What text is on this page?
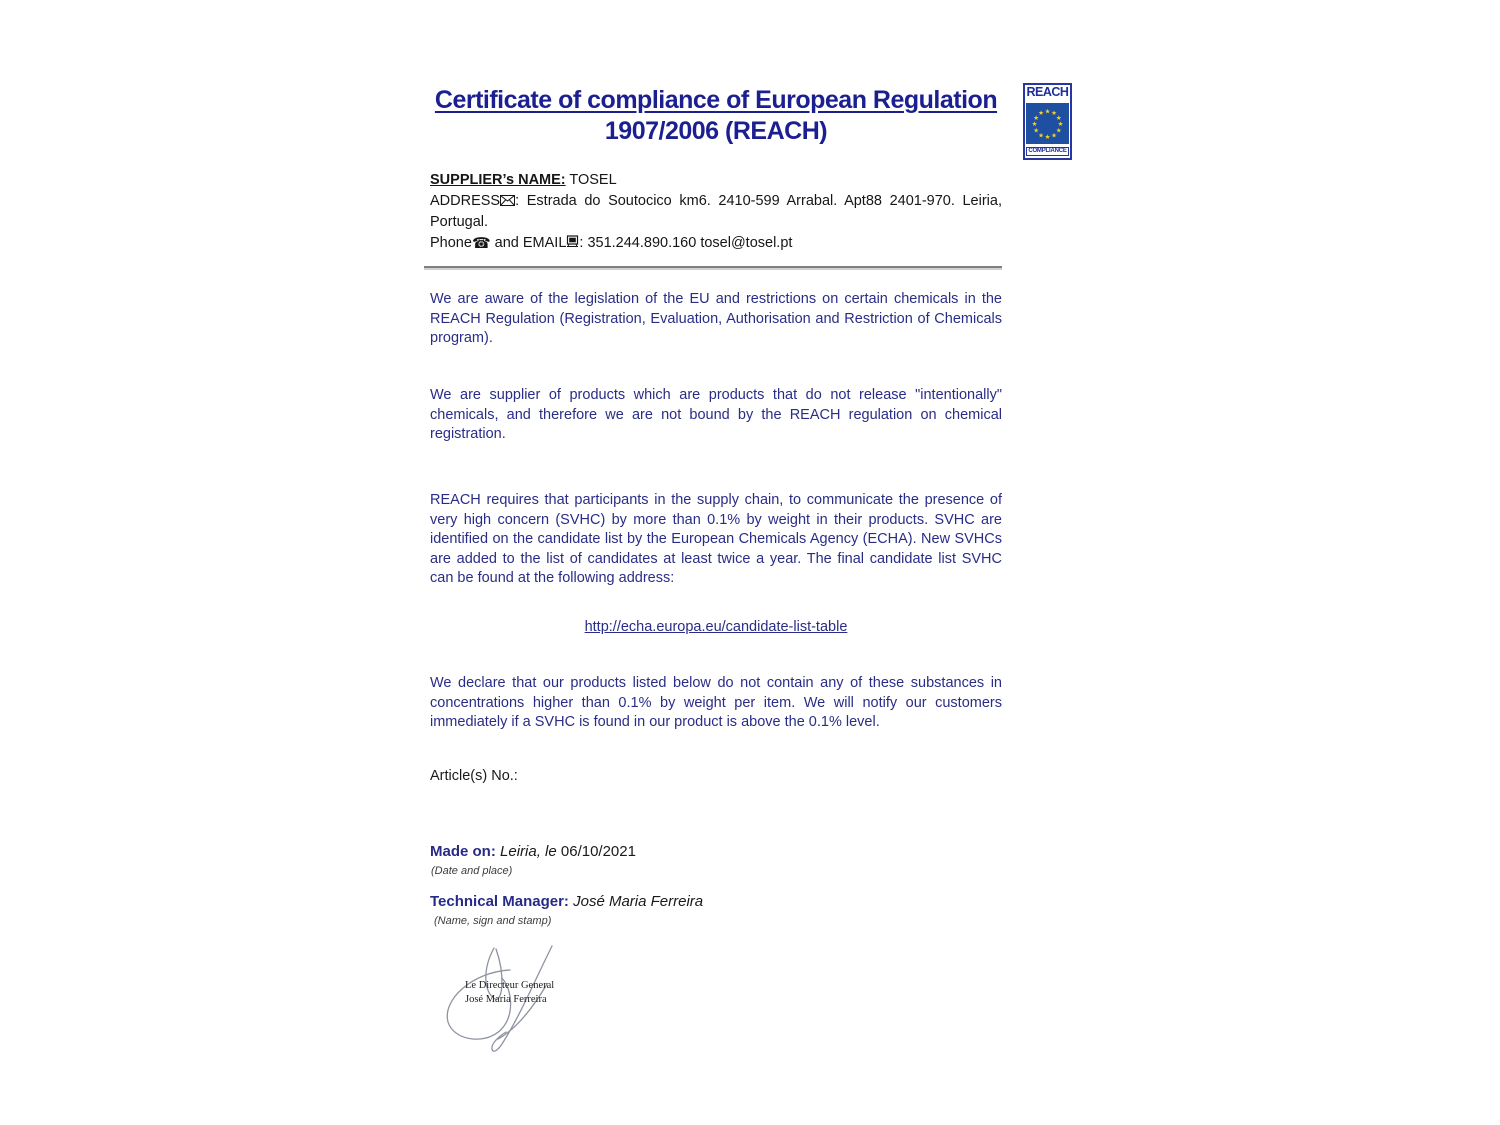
REACH
★ ★
★
★
★
★
★
★
★
★
★
★
COMPLIANCE
Certificate of compliance of European Regulation
1907/2006 (REACH)
SUPPLIER’s NAME: TOSEL
ADDRESS : Estrada do Soutocico km6. 2410-599 Arrabal. Apt88 2401-970. Leiria, Portugal.
Phone☎ and EMAIL : 351.244.890.160 tosel@tosel.pt

We are aware of the legislation of the EU and restrictions on certain chemicals in the REACH Regulation (Registration, Evaluation, Authorisation and Restriction of Chemicals program).

We are supplier of products which are products that do not release "intentionally" chemicals, and therefore we are not bound by the REACH regulation on chemical registration.

REACH requires that participants in the supply chain, to communicate the presence of very high concern (SVHC) by more than 0.1% by weight in their products. SVHC are identified on the candidate list by the European Chemicals Agency (ECHA). New SVHCs are added to the list of candidates at least twice a year. The final candidate list SVHC can be found at the following address:

http://echa.europa.eu/candidate-list-table

We declare that our products listed below do not contain any of these substances in concentrations higher than 0.1% by weight per item. We will notify our customers immediately if a SVHC is found in our product is above the 0.1% level.

Article(s) No.:
Made on: Leiria, le 06/10/2021
(Date and place)
Technical Manager: José Maria Ferreira
(Name, sign and stamp)
Le Directeur General
José Maria Ferreira
